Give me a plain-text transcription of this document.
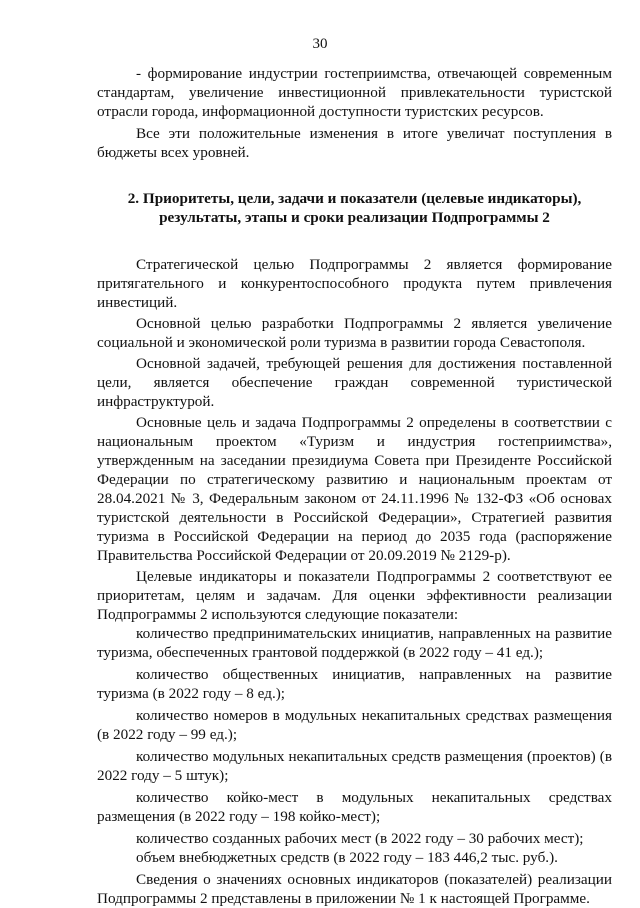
30

- формирование индустрии гостеприимства, отвечающей современным стандартам, увеличение инвестиционной привлекательности туристской отрасли города, информационной доступности туристских ресурсов.

Все эти положительные изменения в итоге увеличат поступления в бюджеты всех уровней.

2. Приоритеты, цели, задачи и показатели (целевые индикаторы),
результаты, этапы и сроки реализации Подпрограммы 2

Стратегической целью Подпрограммы 2 является формирование притягательного и конкурентоспособного продукта путем привлечения инвестиций.

Основной целью разработки Подпрограммы 2 является увеличение социальной и экономической роли туризма в развитии города Севастополя.

Основной задачей, требующей решения для достижения поставленной цели, является обеспечение граждан современной туристической инфраструктурой.

Основные цель и задача Подпрограммы 2 определены в соответствии с национальным проектом «Туризм и индустрия гостеприимства», утвержденным на заседании президиума Совета при Президенте Российской Федерации по стратегическому развитию и национальным проектам от 28.04.2021 № 3, Федеральным законом от 24.11.1996 № 132-ФЗ «Об основах туристской деятельности в Российской Федерации», Стратегией развития туризма в Российской Федерации на период до 2035 года (распоряжение Правительства Российской Федерации от 20.09.2019 № 2129-р).

Целевые индикаторы и показатели Подпрограммы 2 соответствуют ее приоритетам, целям и задачам. Для оценки эффективности реализации Подпрограммы 2 используются следующие показатели:

количество предпринимательских инициатив, направленных на развитие туризма, обеспеченных грантовой поддержкой (в 2022 году – 41 ед.);

количество общественных инициатив, направленных на развитие туризма (в 2022 году – 8 ед.);

количество номеров в модульных некапитальных средствах размещения (в 2022 году – 99 ед.);

количество модульных некапитальных средств размещения (проектов) (в 2022 году – 5 штук);

количество койко-мест в модульных некапитальных средствах размещения (в 2022 году – 198 койко-мест);

количество созданных рабочих мест (в 2022 году – 30 рабочих мест);

объем внебюджетных средств (в 2022 году – 183 446,2 тыс. руб.).

Сведения о значениях основных индикаторов (показателей) реализации Подпрограммы 2 представлены в приложении № 1 к настоящей Программе.
